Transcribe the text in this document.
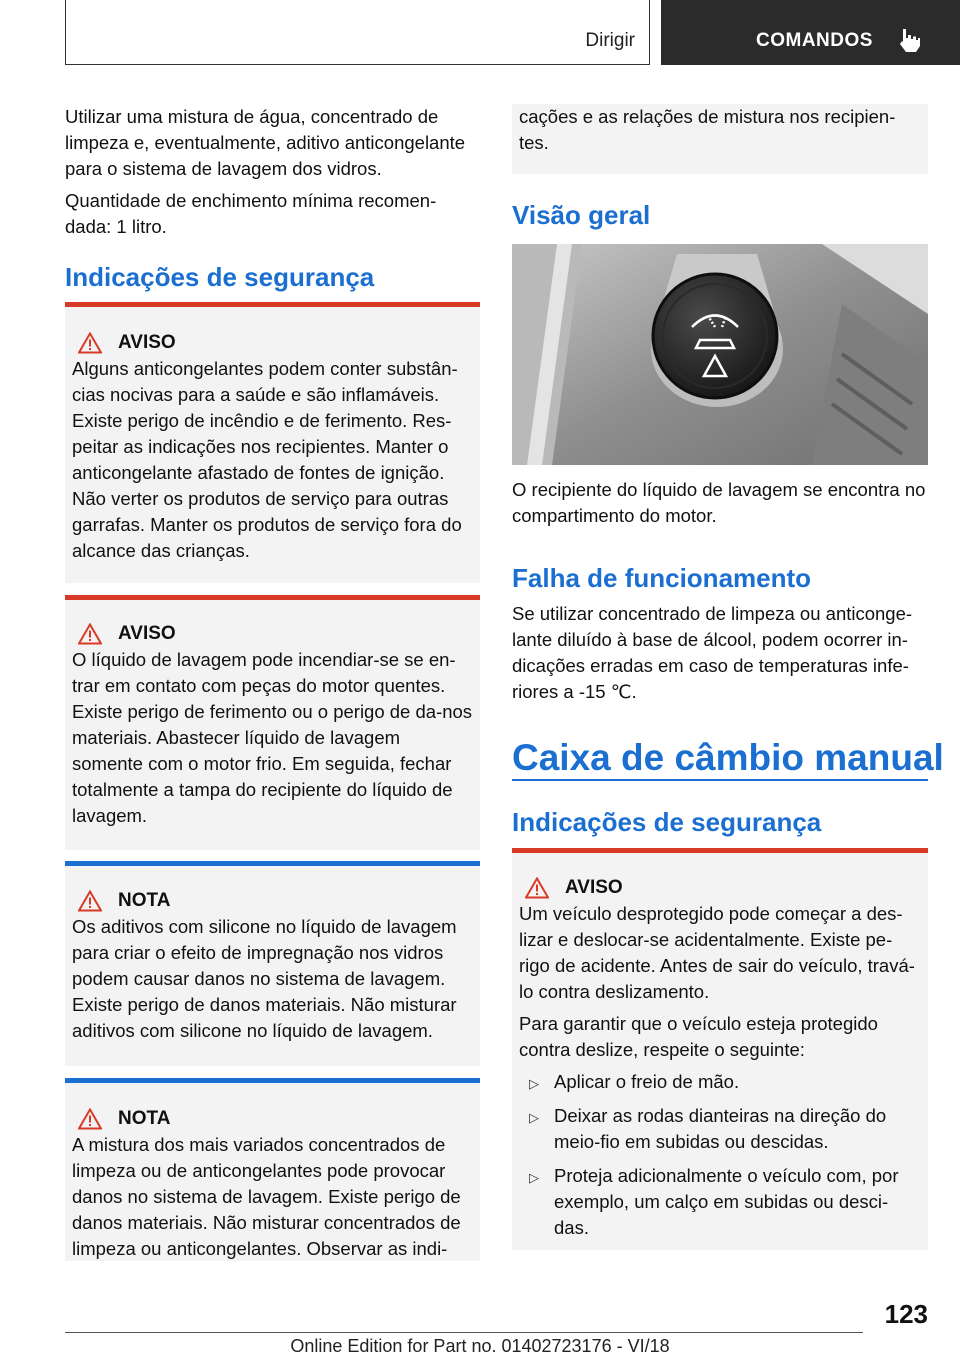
Dirigir	COMANDOS

Utilizar uma mistura de água, concentrado de limpeza e, eventualmente, aditivo anticongelante para o sistema de lavagem dos vidros.

Quantidade de enchimento mínima recomen-dada: 1 litro.

Indicações de segurança
AVISO

Alguns anticongelantes podem conter substân-cias nocivas para a saúde e são inflamáveis. Existe perigo de incêndio e de ferimento. Res-peitar as indicações nos recipientes. Manter o anticongelante afastado de fontes de ignição. Não verter os produtos de serviço para outras garrafas. Manter os produtos de serviço fora do alcance das crianças.

AVISO

O líquido de lavagem pode incendiar-se se en-trar em contato com peças do motor quentes. Existe perigo de ferimento ou o perigo de da-nos materiais. Abastecer líquido de lavagem somente com o motor frio. Em seguida, fechar totalmente a tampa do recipiente do líquido de lavagem.

NOTA

Os aditivos com silicone no líquido de lavagem para criar o efeito de impregnação nos vidros podem causar danos no sistema de lavagem. Existe perigo de danos materiais. Não misturar aditivos com silicone no líquido de lavagem.

NOTA

A mistura dos mais variados concentrados de limpeza ou de anticongelantes pode provocar danos no sistema de lavagem. Existe perigo de danos materiais. Não misturar concentrados de limpeza ou anticongelantes. Observar as indi-

cações e as relações de mistura nos recipien-tes.

Visão geral

O recipiente do líquido de lavagem se encontra no compartimento do motor.

Falha de funcionamento

Se utilizar concentrado de limpeza ou anticonge-lante diluído à base de álcool, podem ocorrer in-dicações erradas em caso de temperaturas infe-riores a -15 ℃.

Caixa de câmbio manual
Indicações de segurança
AVISO

Um veículo desprotegido pode começar a des-lizar e deslocar-se acidentalmente. Existe pe-rigo de acidente. Antes de sair do veículo, travá-lo contra deslizamento.

Para garantir que o veículo esteja protegido contra deslize, respeite o seguinte:

▷ Aplicar o freio de mão.
▷ Deixar as rodas dianteiras na direção do meio-fio em subidas ou descidas.
▷ Proteja adicionalmente o veículo com, por exemplo, um calço em subidas ou desci-das.
123
Online Edition for Part no. 01402723176 - VI/18
